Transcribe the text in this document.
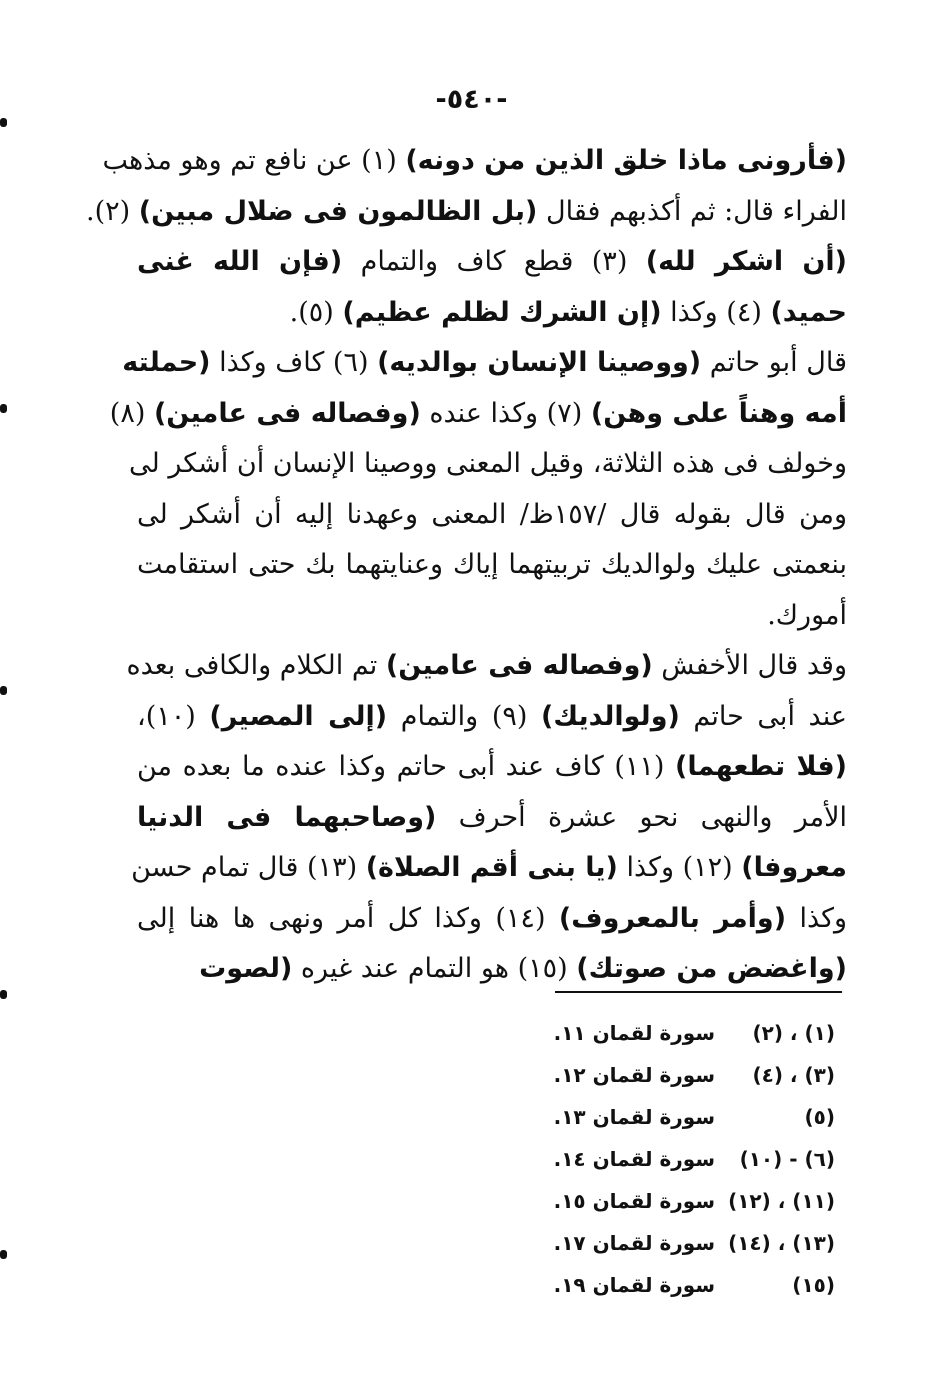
-٥٤٠-
(فأرونى ماذا خلق الذين من دونه) (١) عن نافع تم وهو مذهب
الفراء قال: ثم أكذبهم فقال (بل الظالمون فى ضلال مبين) (٢).
(أن اشكر لله) (٣) قطع كاف والتمام (فإن الله غنى
حميد) (٤) وكذا (إن الشرك لظلم عظيم) (٥).
قال أبو حاتم (ووصينا الإنسان بوالديه) (٦) كاف وكذا (حملته
أمه وهناً على وهن) (٧) وكذا عنده (وفصاله فى عامين) (٨)
وخولف فى هذه الثلاثة، وقيل المعنى ووصينا الإنسان أن أشكر لى
ومن قال بقوله قال /١٥٧ظ/ المعنى وعهدنا إليه أن أشكر لى
بنعمتى عليك ولوالديك تربيتهما إياك وعنايتهما بك حتى استقامت
أمورك.
وقد قال الأخفش (وفصاله فى عامين) تم الكلام والكافى بعده
عند أبى حاتم (ولوالديك) (٩) والتمام (إلى المصير) (١٠)،
(فلا تطعهما) (١١) كاف عند أبى حاتم وكذا عنده ما بعده من
الأمر والنهى نحو عشرة أحرف (وصاحبهما فى الدنيا
معروفا) (١٢) وكذا (يا بنى أقم الصلاة) (١٣) قال تمام حسن
وكذا (وأمر بالمعروف) (١٤) وكذا كل أمر ونهى ها هنا إلى
(واغضض من صوتك) (١٥) هو التمام عند غيره (لصوت
(١) ، (٢)
سورة لقمان ١١.
(٣) ، (٤)
سورة لقمان ١٢.
(٥)
سورة لقمان ١٣.
(٦) - (١٠)
سورة لقمان ١٤.
(١١) ، (١٢)
سورة لقمان ١٥.
(١٣) ، (١٤)
سورة لقمان ١٧.
(١٥)
سورة لقمان ١٩.
